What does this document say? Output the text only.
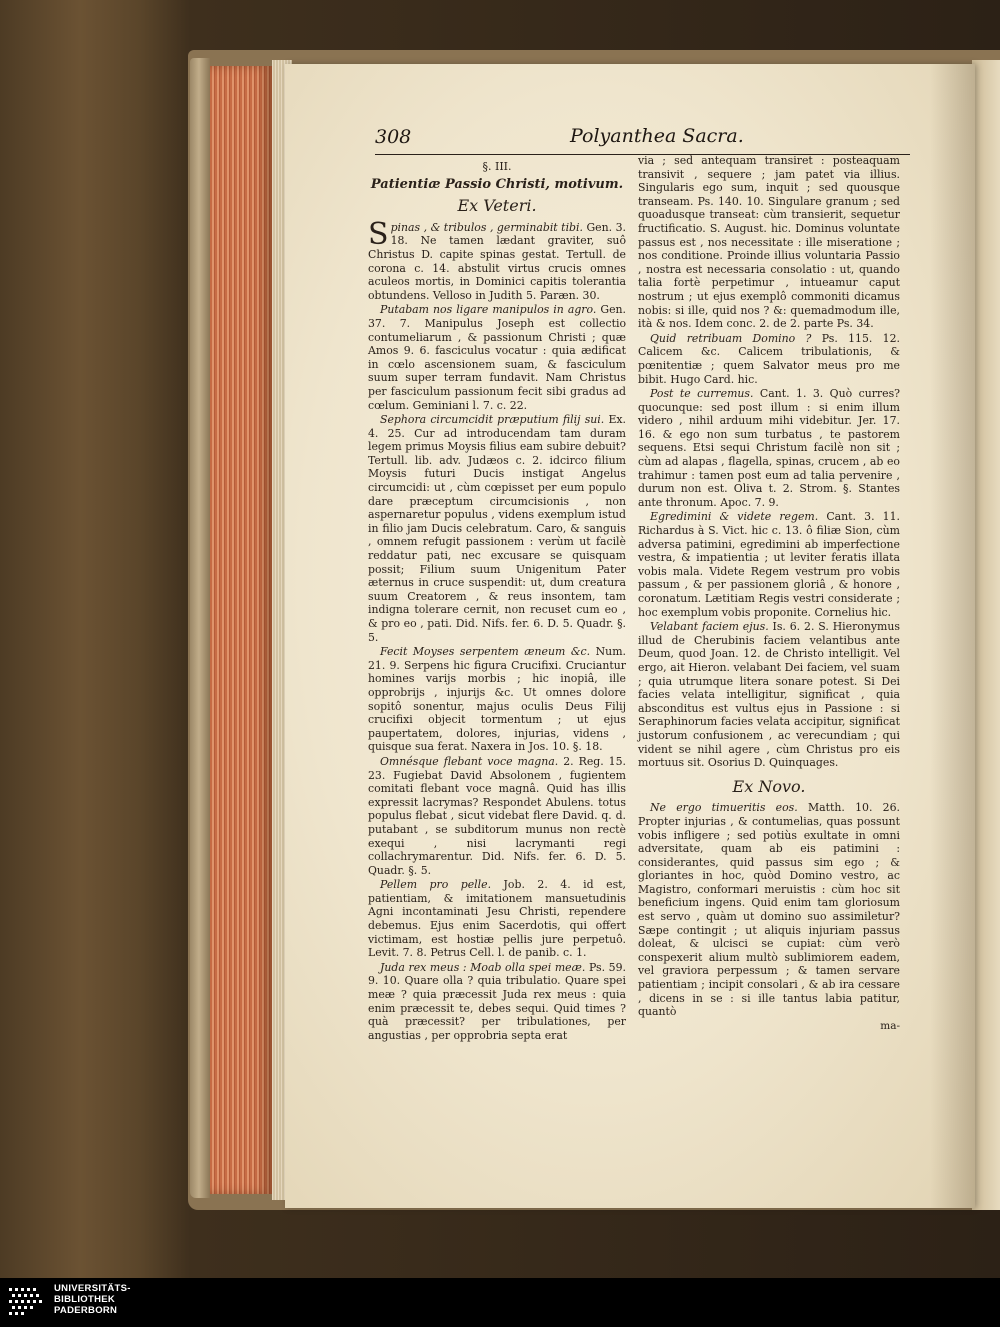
308	Polyanthea Sacra.
§. III.
Patientiæ Passio Christi, motivum.
Ex Veteri.

Spinas , & tribulos , germinabit tibi. Gen. 3. 18. Ne tamen lædant graviter, suô Christus D. capite spinas gestat. Tertull. de corona c. 14. abstulit virtus crucis omnes aculeos mortis, in Dominici capitis tolerantia obtundens. Velloso in Judith 5. Paræn. 30.

Putabam nos ligare manipulos in agro. Gen. 37. 7. Manipulus Joseph est collectio contumeliarum , & passionum Christi ; quæ Amos 9. 6. fasciculus vocatur : quia ædificat in cœlo ascensionem suam, & fasciculum suum super terram fundavit. Nam Christus per fasciculum passionum fecit sibi gradus ad cœlum. Geminiani l. 7. c. 22.

Sephora circumcidit præputium filij sui. Ex. 4. 25. Cur ad introducendam tam duram legem primus Moysis filius eam subire debuit? Tertull. lib. adv. Judæos c. 2. idcirco filium Moysis futuri Ducis instigat Angelus circumcidi: ut , cùm cœpisset per eum populo dare præceptum circumcisionis , non aspernaretur populus , videns exemplum istud in filio jam Ducis celebratum. Caro, & sanguis , omnem refugit passionem : verùm ut facilè reddatur pati, nec excusare se quisquam possit; Filium suum Unigenitum Pater æternus in cruce suspendit: ut, dum creatura suum Creatorem , & reus insontem, tam indigna tolerare cernit, non recuset cum eo , & pro eo , pati. Did. Nifs. fer. 6. D. 5. Quadr. §. 5.

Fecit Moyses serpentem æneum &c. Num. 21. 9. Serpens hic figura Crucifixi. Cruciantur homines varijs morbis ; hic inopiâ, ille opprobrijs , injurijs &c. Ut omnes dolore sopitô sonentur, majus oculis Deus Filij crucifixi objecit tormentum ; ut ejus paupertatem, dolores, injurias, videns , quisque sua ferat. Naxera in Jos. 10. §. 18.

Omnésque flebant voce magna. 2. Reg. 15. 23. Fugiebat David Absolonem , fugientem comitati flebant voce magnâ. Quid has illis expressit lacrymas? Respondet Abulens. totus populus flebat , sicut videbat flere David. q. d. putabant , se subditorum munus non rectè exequi , nisi lacrymanti regi collachrymarentur. Did. Nifs. fer. 6. D. 5. Quadr. §. 5.

Pellem pro pelle. Job. 2. 4. id est, patientiam, & imitationem mansuetudinis Agni incontaminati Jesu Christi, rependere debemus. Ejus enim Sacerdotis, qui offert victimam, est hostiæ pellis jure perpetuô. Levit. 7. 8. Petrus Cell. l. de panib. c. 1.

Juda rex meus : Moab olla spei meæ. Ps. 59. 9. 10. Quare olla ? quia tribulatio. Quare spei meæ ? quia præcessit Juda rex meus : quia enim præcessit te, debes sequi. Quid times ? quà præcessit? per tribulationes, per angustias , per opprobria septa erat

via ; sed antequam transiret : posteaquam transivit , sequere ; jam patet via illius. Singularis ego sum, inquit ; sed quousque transeam. Ps. 140. 10. Singulare granum ; sed quoadusque transeat: cùm transierit, sequetur fructificatio. S. August. hic. Dominus voluntate passus est , nos necessitate : ille miseratione ; nos conditione. Proinde illius voluntaria Passio , nostra est necessaria consolatio : ut, quando talia fortè perpetimur , intueamur caput nostrum ; ut ejus exemplô commoniti dicamus nobis: si ille, quid nos ? &: quemadmodum ille, ità & nos. Idem conc. 2. de 2. parte Ps. 34.

Quid retribuam Domino ? Ps. 115. 12. Calicem &c. Calicem tribulationis, & pœnitentiæ ; quem Salvator meus pro me bibit. Hugo Card. hic.

Post te curremus. Cant. 1. 3. Quò curres? quocunque: sed post illum : si enim illum videro , nihil arduum mihi videbitur. Jer. 17. 16. & ego non sum turbatus , te pastorem sequens. Etsi sequi Christum facilè non sit ; cùm ad alapas , flagella, spinas, crucem , ab eo trahimur : tamen post eum ad talia pervenire , durum non est. Oliva t. 2. Strom. §. Stantes ante thronum. Apoc. 7. 9.

Egredimini & videte regem. Cant. 3. 11. Richardus à S. Vict. hic c. 13. ô filiæ Sion, cùm adversa patimini, egredimini ab imperfectione vestra, & impatientia ; ut leviter feratis illata vobis mala. Videte Regem vestrum pro vobis passum , & per passionem gloriâ , & honore , coronatum. Lætitiam Regis vestri considerate ; hoc exemplum vobis proponite. Cornelius hic.

Velabant faciem ejus. Is. 6. 2. S. Hieronymus illud de Cherubinis faciem velantibus ante Deum, quod Joan. 12. de Christo intelligit. Vel ergo, ait Hieron. velabant Dei faciem, vel suam ; quia utrumque litera sonare potest. Si Dei facies velata intelligitur, significat , quia absconditus est vultus ejus in Passione : si Seraphinorum facies velata accipitur, significat justorum confusionem , ac verecundiam ; qui vident se nihil agere , cùm Christus pro eis mortuus sit. Osorius D. Quinquages.

Ex Novo.

Ne ergo timueritis eos. Matth. 10. 26. Propter injurias , & contumelias, quas possunt vobis infligere ; sed potiùs exultate in omni adversitate, quam ab eis patimini : considerantes, quid passus sim ego ; & gloriantes in hoc, quòd Domino vestro, ac Magistro, conformari meruistis : cùm hoc sit beneficium ingens. Quid enim tam gloriosum est servo , quàm ut domino suo assimiletur? Sæpe contingit ; ut aliquis injuriam passus doleat, & ulcisci se cupiat: cùm verò conspexerit alium multò sublimiorem eadem, vel graviora perpessum ; & tamen servare patientiam ; incipit consolari , & ab ira cessare , dicens in se : si ille tantus labia patitur, quantò

ma-
UNIVERSITÄTS-
BIBLIOTHEK
PADERBORN
